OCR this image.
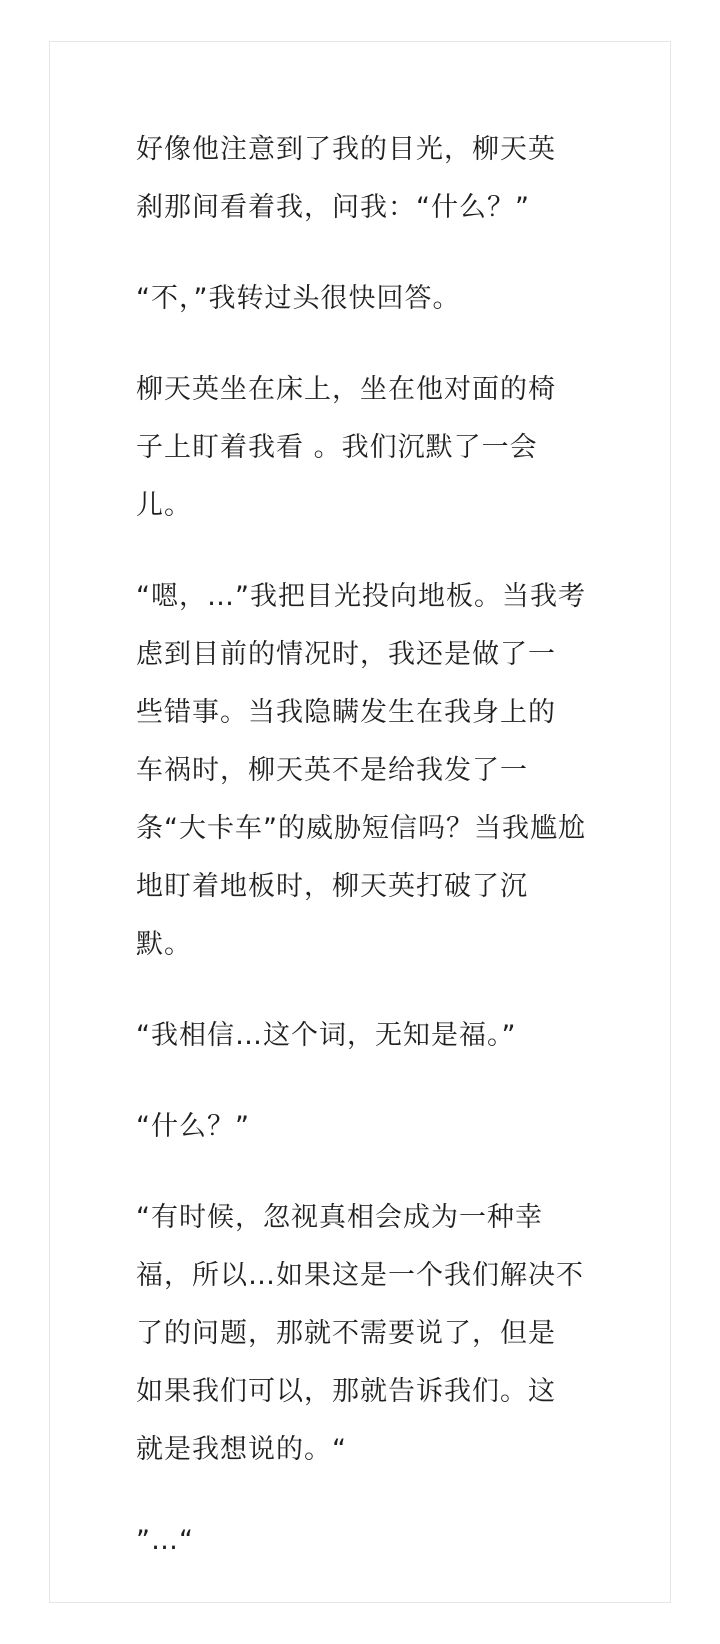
好像他注意到了我的目光，柳天英
刹那间看着我，问我：“什么？”

“不，”我转过头很快回答。

柳天英坐在床上，坐在他对面的椅
子上盯着我看 。我们沉默了一会
儿。

“嗯，…”我把目光投向地板。当我考
虑到目前的情况时，我还是做了一
些错事。当我隐瞒发生在我身上的
车祸时，柳天英不是给我发了一
条“大卡车”的威胁短信吗？当我尴尬
地盯着地板时，柳天英打破了沉
默。

“我相信…这个词，无知是福。”

“什么？”

“有时候，忽视真相会成为一种幸
福，所以…如果这是一个我们解决不
了的问题，那就不需要说了，但是
如果我们可以，那就告诉我们。这
就是我想说的。“

”…“
